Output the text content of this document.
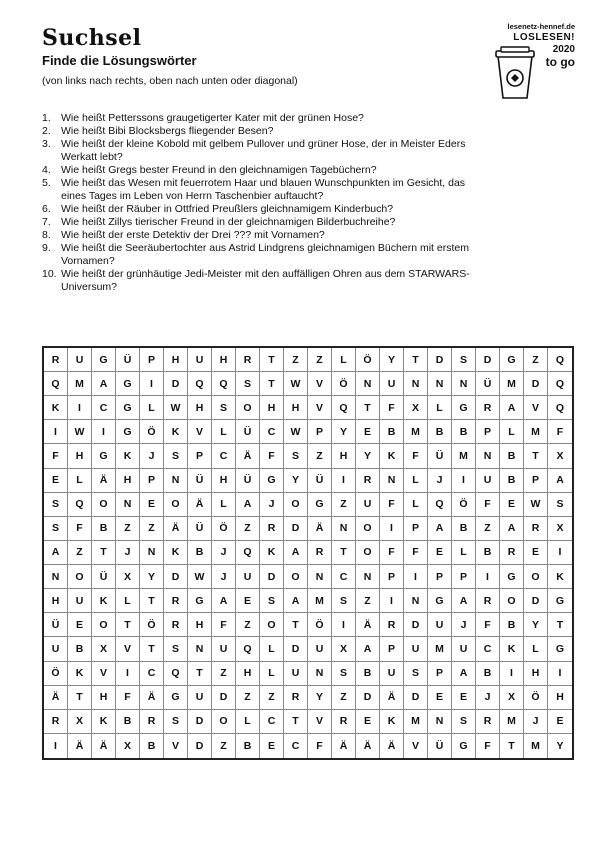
Suchsel
Finde die Lösungswörter
(von links nach rechts, oben nach unten oder diagonal)
lesenetz-hennef.de
LOSLESEN!
2020
to go
1. Wie heißt Petterssons graugetigerter Kater mit der grünen Hose?
2. Wie heißt Bibi Blocksbergs fliegender Besen?
3. Wie heißt der kleine Kobold mit gelbem Pullover und grüner Hose, der in Meister Eders Werkatt lebt?
4. Wie heißt Gregs bester Freund in den gleichnamigen Tagebüchern?
5. Wie heißt das Wesen mit feuerrotem Haar und blauen Wunschpunkten im Gesicht, das eines Tages im Leben von Herrn Taschenbier auftaucht?
6. Wie heißt der Räuber in Ottfried Preußlers gleichnamigem Kinderbuch?
7. Wie heißt Zillys tierischer Freund in der gleichnamigen Bilderbuchreihe?
8. Wie heißt der erste Detektiv der Drei ??? mit Vornamen?
9. Wie heißt die Seeräubertochter aus Astrid Lindgrens gleichnamigen Büchern mit erstem Vornamen?
10. Wie heißt der grünhäutige Jedi-Meister mit den auffälligen Ohren aus dem STARWARS-Universum?
R	U	G	Ü	P	H	U	H	R	T	Z	Z	L	Ö	Y	T	D	S	D	G	Z	Q
Q	M	A	G	I	D	Q	Q	S	T	W	V	Ö	N	U	N	N	N	Ü	M	D	Q
K	I	C	G	L	W	H	S	O	H	H	V	Q	T	F	X	L	G	R	A	V	Q
I	W	I	G	Ö	K	V	L	Ü	C	W	P	Y	E	B	M	B	B	P	L	M	F
F	H	G	K	J	S	P	C	Ä	F	S	Z	H	Y	K	F	Ü	M	N	B	T	X
E	L	Ä	H	P	N	Ü	H	Ü	G	Y	Ü	I	R	N	L	J	I	U	B	P	A
S	Q	O	N	E	O	Ä	L	A	J	O	G	Z	U	F	L	Q	Ö	F	E	W	S
S	F	B	Z	Z	Ä	Ü	Ö	Z	R	D	Ä	N	O	I	P	A	B	Z	A	R	X
A	Z	T	J	N	K	B	J	Q	K	A	R	T	O	F	F	E	L	B	R	E	I
N	O	Ü	X	Y	D	W	J	U	D	O	N	C	N	P	I	P	P	I	G	O	K
H	U	K	L	T	R	G	A	E	S	A	M	S	Z	I	N	G	A	R	O	D	G
Ü	E	O	T	Ö	R	H	F	Z	O	T	Ö	I	Ä	R	D	U	J	F	B	Y	T
U	B	X	V	T	S	N	U	Q	L	D	U	X	A	P	U	M	U	C	K	L	G
Ö	K	V	I	C	Q	T	Z	H	L	U	N	S	B	U	S	P	A	B	I	H	I
Ä	T	H	F	Ä	G	U	D	Z	Z	R	Y	Z	D	Ä	D	E	E	J	X	Ö	H
R	X	K	B	R	S	D	O	L	C	T	V	R	E	K	M	N	S	R	M	J	E
I	Ä	Ä	X	B	V	D	Z	B	E	C	F	Ä	Ä	Ä	V	Ü	G	F	T	M	Y
